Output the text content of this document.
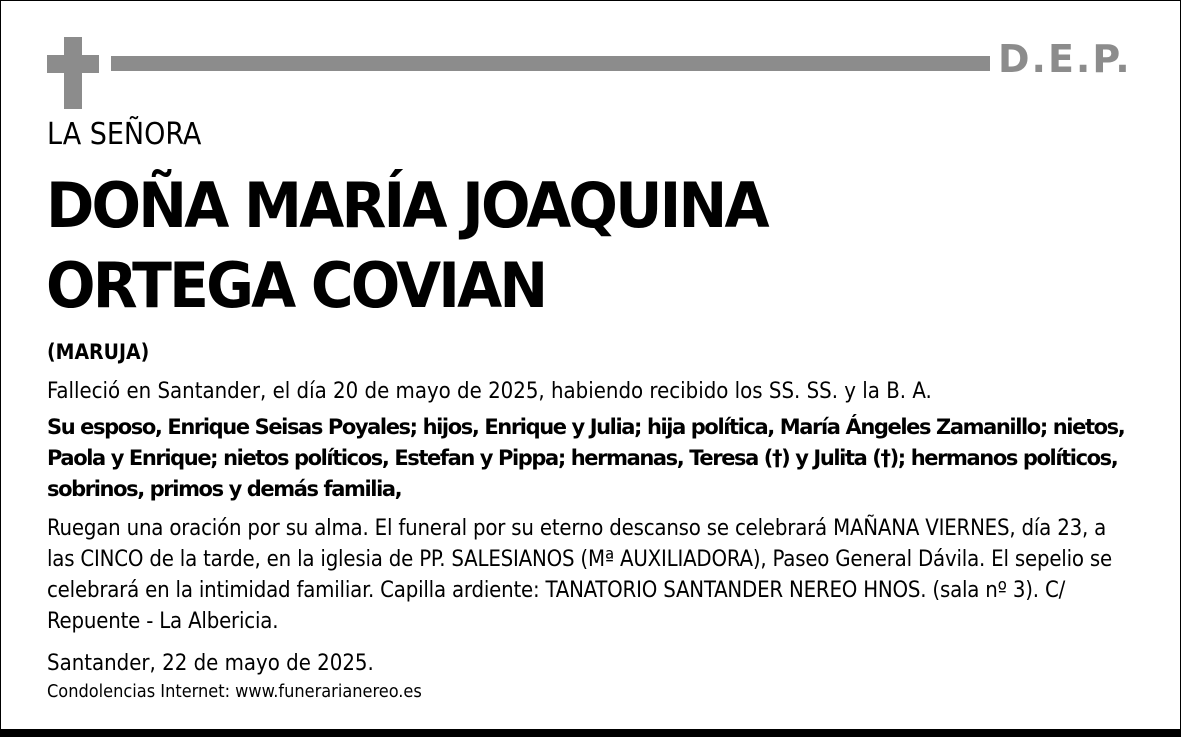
D.E.P.
LA SEÑORA
DOÑA MARÍA JOAQUINA
ORTEGA COVIAN
(MARUJA)

Falleció en Santander, el día 20 de mayo de 2025, habiendo recibido los SS. SS. y la B. A.

Su esposo, Enrique Seisas Poyales; hijos, Enrique y Julia; hija política, María Ángeles Zamanillo; nietos, Paola y Enrique; nietos políticos, Estefan y Pippa; hermanas, Teresa (†) y Julita (†); hermanos políticos, sobrinos, primos y demás familia,

Ruegan una oración por su alma. El funeral por su eterno descanso se celebrará MAÑANA VIERNES, día 23, a las CINCO de la tarde, en la iglesia de PP. SALESIANOS (Mª AUXILIADORA), Paseo General Dávila. El sepelio se celebrará en la intimidad familiar. Capilla ardiente: TANATORIO SANTANDER NEREO HNOS. (sala nº 3). C/ Repuente - La Albericia.

Santander, 22 de mayo de 2025.

Condolencias Internet: www.funerarianereo.es
